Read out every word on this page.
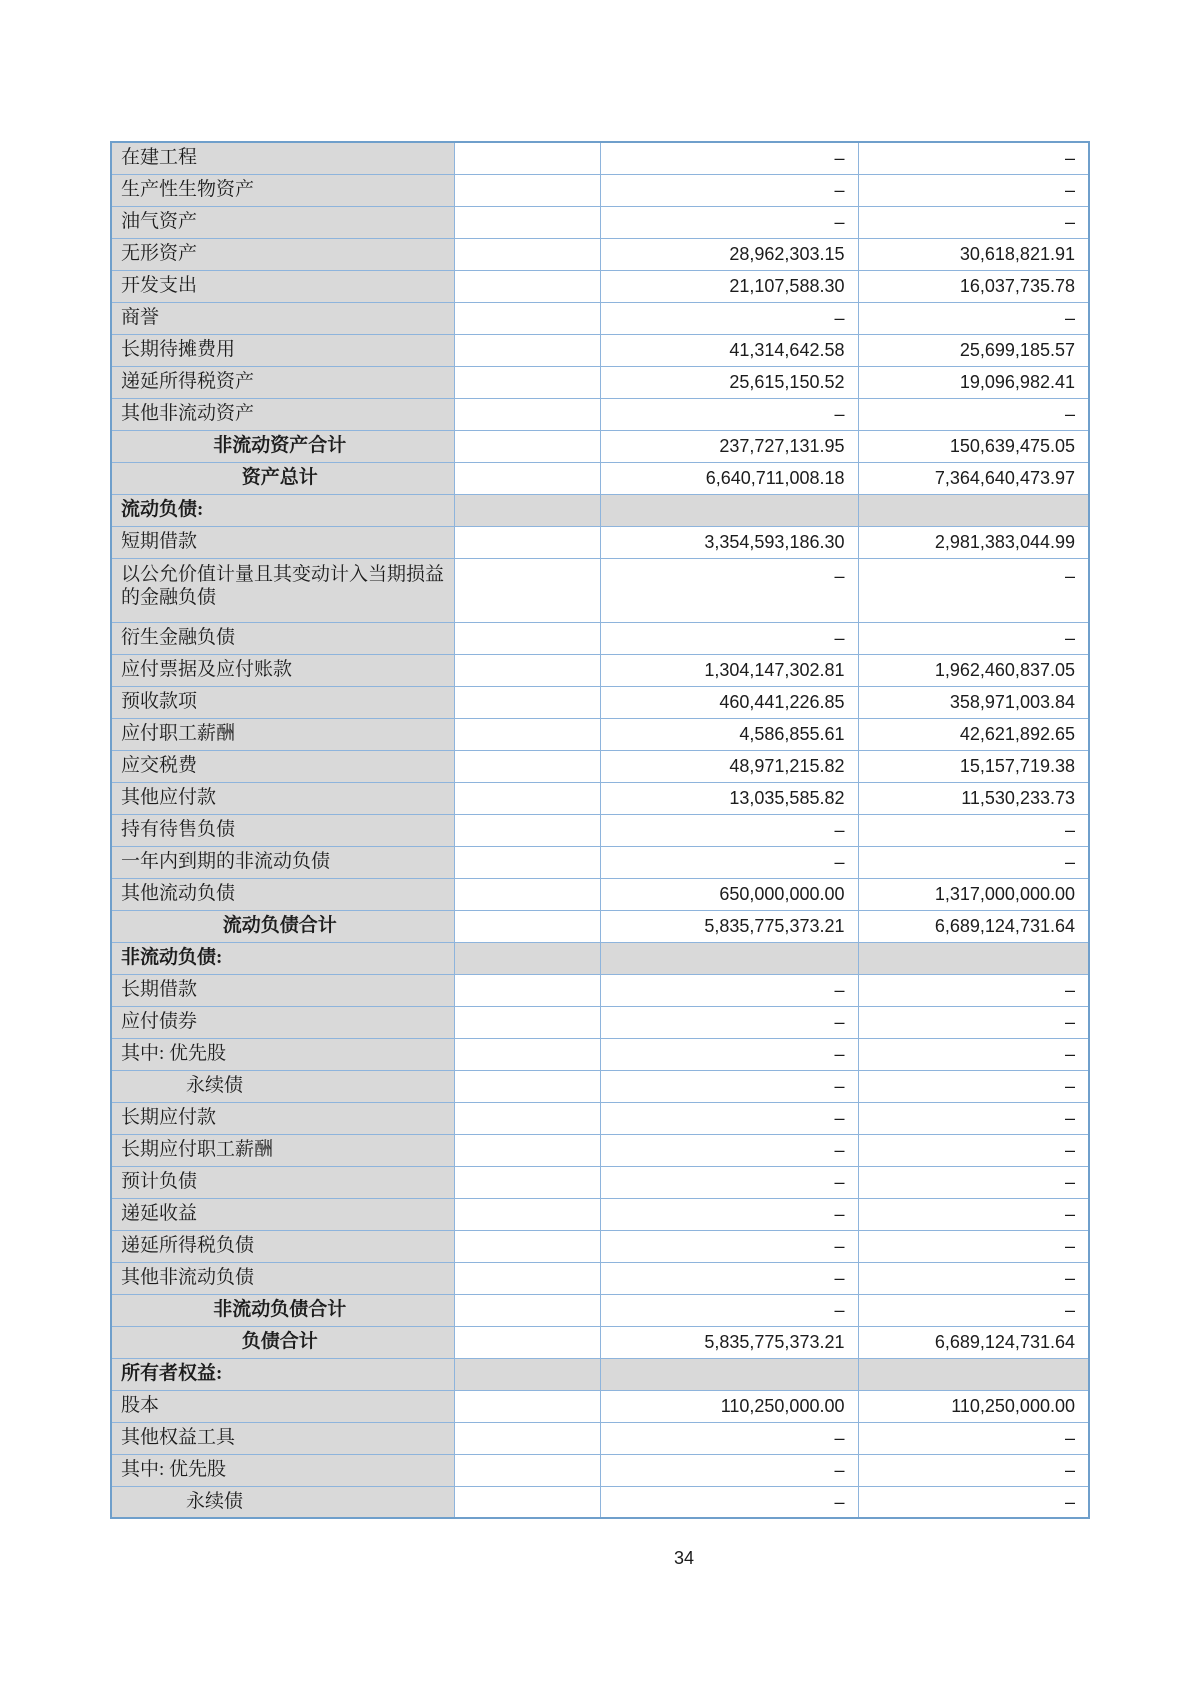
在建工程		–	–
生产性生物资产		–	–
油气资产		–	–
无形资产		28,962,303.15	30,618,821.91
开发支出		21,107,588.30	16,037,735.78
商誉		–	–
长期待摊费用		41,314,642.58	25,699,185.57
递延所得税资产		25,615,150.52	19,096,982.41
其他非流动资产		–	–
非流动资产合计		237,727,131.95	150,639,475.05
资产总计		6,640,711,008.18	7,364,640,473.97
流动负债:			
短期借款		3,354,593,186.30	2,981,383,044.99
以公允价值计量且其变动计入当期损益的金融负债		–	–
衍生金融负债		–	–
应付票据及应付账款		1,304,147,302.81	1,962,460,837.05
预收款项		460,441,226.85	358,971,003.84
应付职工薪酬		4,586,855.61	42,621,892.65
应交税费		48,971,215.82	15,157,719.38
其他应付款		13,035,585.82	11,530,233.73
持有待售负债		–	–
一年内到期的非流动负债		–	–
其他流动负债		650,000,000.00	1,317,000,000.00
流动负债合计		5,835,775,373.21	6,689,124,731.64
非流动负债:			
长期借款		–	–
应付债券		–	–
其中: 优先股		–	–
永续债		–	–
长期应付款		–	–
长期应付职工薪酬		–	–
预计负债		–	–
递延收益		–	–
递延所得税负债		–	–
其他非流动负债		–	–
非流动负债合计		–	–
负债合计		5,835,775,373.21	6,689,124,731.64
所有者权益:			
股本		110,250,000.00	110,250,000.00
其他权益工具		–	–
其中: 优先股		–	–
永续债		–	–
34
